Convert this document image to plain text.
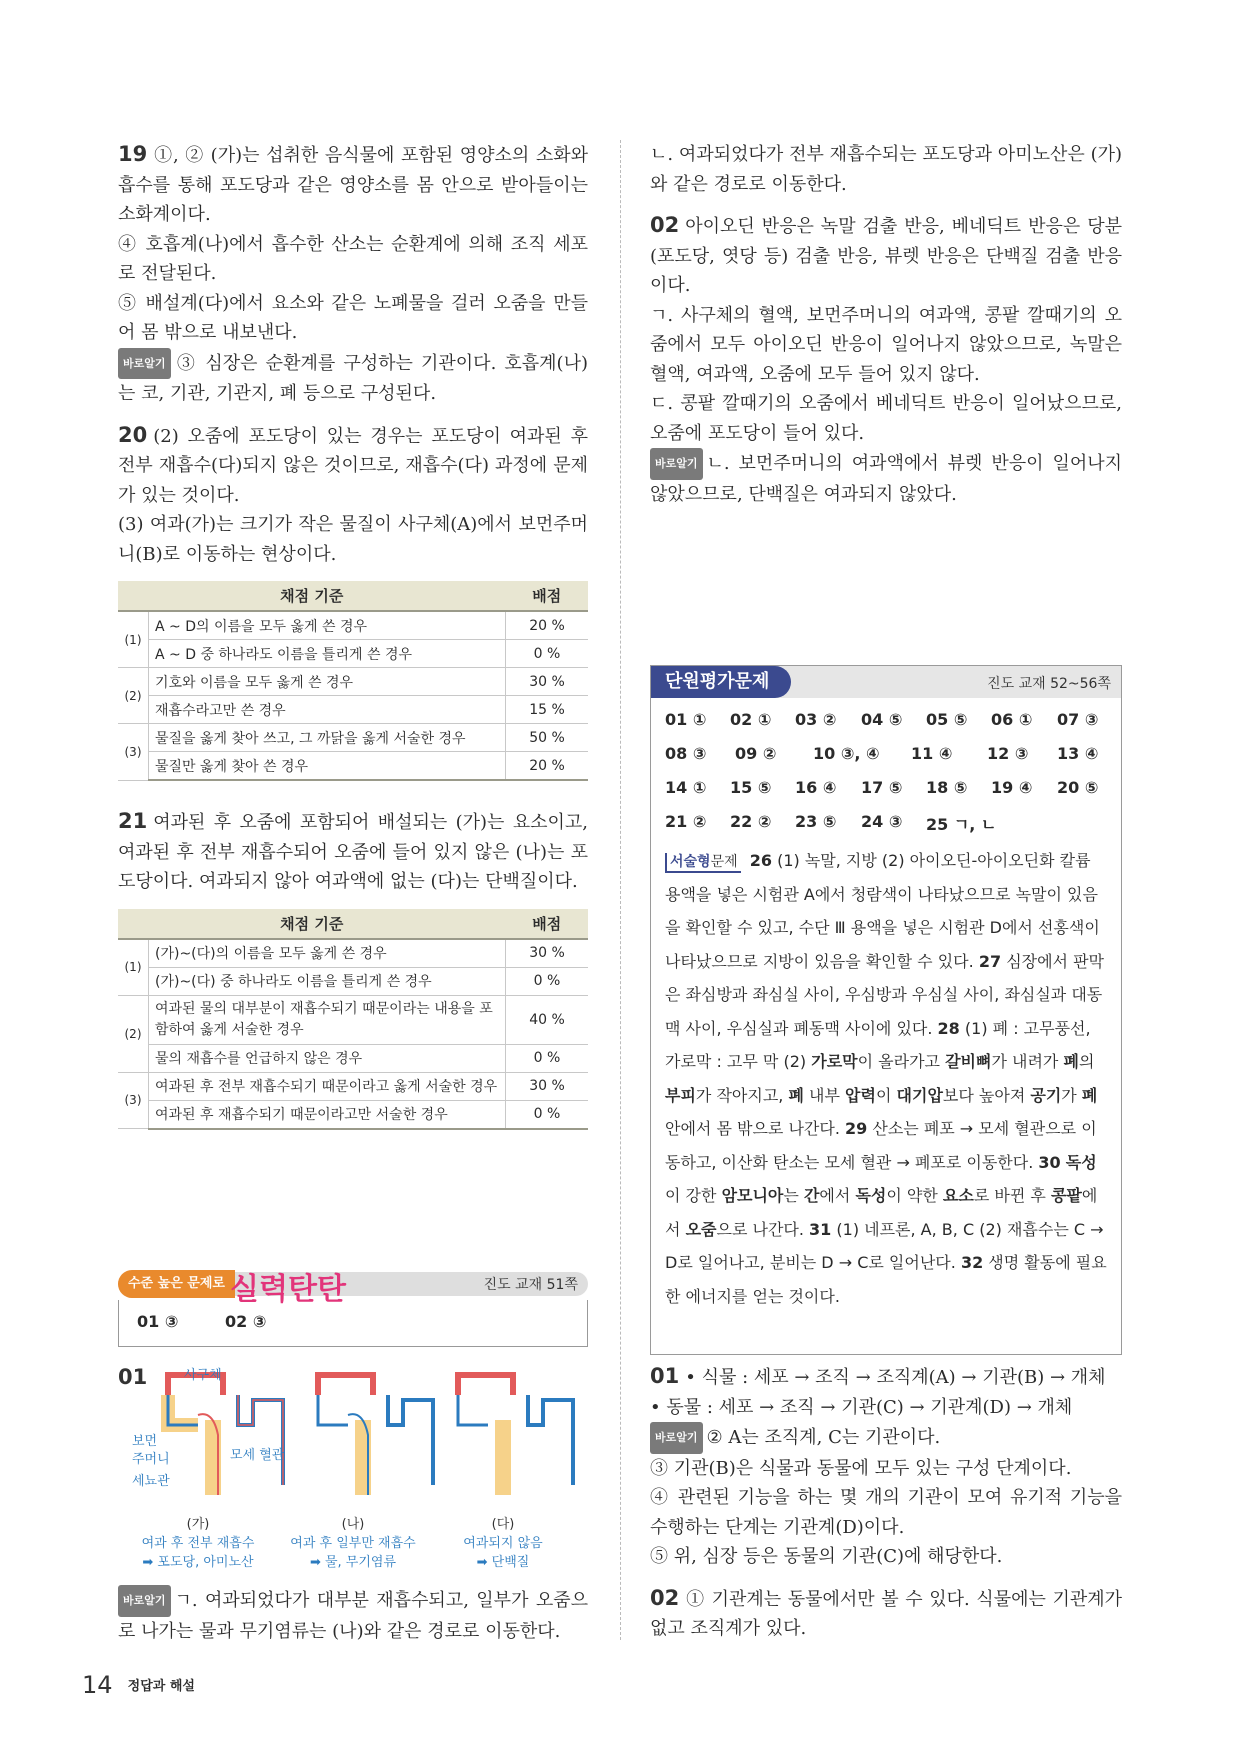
19 ①, ② (가)는 섭취한 음식물에 포함된 영양소의 소화와 흡수를 통해 포도당과 같은 영양소를 몸 안으로 받아들이는 소화계이다.

④ 호흡계(나)에서 흡수한 산소는 순환계에 의해 조직 세포로 전달된다.

⑤ 배설계(다)에서 요소와 같은 노폐물을 걸러 오줌을 만들어 몸 밖으로 내보낸다.

바로알기 ③ 심장은 순환계를 구성하는 기관이다. 호흡계(나)는 코, 기관, 기관지, 폐 등으로 구성된다.

20 (2) 오줌에 포도당이 있는 경우는 포도당이 여과된 후 전부 재흡수(다)되지 않은 것이므로, 재흡수(다) 과정에 문제가 있는 것이다.

(3) 여과(가)는 크기가 작은 물질이 사구체(A)에서 보먼주머니(B)로 이동하는 현상이다.

채점 기준		배점
(1)	A ~ D의 이름을 모두 옳게 쓴 경우	20 %
	A ~ D 중 하나라도 이름을 틀리게 쓴 경우	0 %
(2)	기호와 이름을 모두 옳게 쓴 경우	30 %
	재흡수라고만 쓴 경우	15 %
(3)	물질을 옳게 찾아 쓰고, 그 까닭을 옳게 서술한 경우	50 %
	물질만 옳게 찾아 쓴 경우	20 %

21 여과된 후 오줌에 포함되어 배설되는 (가)는 요소이고, 여과된 후 전부 재흡수되어 오줌에 들어 있지 않은 (나)는 포도당이다. 여과되지 않아 여과액에 없는 (다)는 단백질이다.

채점 기준		배점
(1)	(가)~(다)의 이름을 모두 옳게 쓴 경우	30 %
	(가)~(다) 중 하나라도 이름을 틀리게 쓴 경우	0 %
(2)	여과된 물의 대부분이 재흡수되기 때문이라는 내용을 포함하여 옳게 서술한 경우	40 %
	물의 재흡수를 언급하지 않은 경우	0 %
(3)	여과된 후 전부 재흡수되기 때문이라고 옳게 서술한 경우	30 %
	여과된 후 재흡수되기 때문이라고만 서술한 경우	0 %
수준 높은 문제로 실력탄탄	진도 교재 51쪽
01 ③	02 ③
01	사구체
보먼
주머니
세뇨관
모세 혈관
(가)
여과 후 전부 재흡수
➡ 포도당, 아미노산
(나)
여과 후 일부만 재흡수
➡ 물, 무기염류
(다)
여과되지 않음
➡ 단백질

바로알기 ㄱ. 여과되었다가 대부분 재흡수되고, 일부가 오줌으로 나가는 물과 무기염류는 (나)와 같은 경로로 이동한다.

ㄴ. 여과되었다가 전부 재흡수되는 포도당과 아미노산은 (가)와 같은 경로로 이동한다.

02 아이오딘 반응은 녹말 검출 반응, 베네딕트 반응은 당분(포도당, 엿당 등) 검출 반응, 뷰렛 반응은 단백질 검출 반응이다.

ㄱ. 사구체의 혈액, 보먼주머니의 여과액, 콩팥 깔때기의 오줌에서 모두 아이오딘 반응이 일어나지 않았으므로, 녹말은 혈액, 여과액, 오줌에 모두 들어 있지 않다.

ㄷ. 콩팥 깔때기의 오줌에서 베네딕트 반응이 일어났으므로, 오줌에 포도당이 들어 있다.

바로알기 ㄴ. 보먼주머니의 여과액에서 뷰렛 반응이 일어나지 않았으므로, 단백질은 여과되지 않았다.

단원평가문제	진도 교재 52~56쪽
01 ① 02 ① 03 ② 04 ⑤ 05 ⑤ 06 ① 07 ③
08 ③ 09 ② 10 ③, ④ 11 ④ 12 ③ 13 ④
14 ① 15 ⑤ 16 ④ 17 ⑤ 18 ⑤ 19 ④ 20 ⑤
21 ② 22 ② 23 ⑤ 24 ③ 25 ㄱ, ㄴ
서술형문제 26 (1) 녹말, 지방 (2) 아이오딘-아이오딘화 칼륨 용액을 넣은 시험관 A에서 청람색이 나타났으므로 녹말이 있음을 확인할 수 있고, 수단 Ⅲ 용액을 넣은 시험관 D에서 선홍색이 나타났으므로 지방이 있음을 확인할 수 있다. 27 심장에서 판막은 좌심방과 좌심실 사이, 우심방과 우심실 사이, 좌심실과 대동맥 사이, 우심실과 폐동맥 사이에 있다. 28 (1) 폐 : 고무풍선, 가로막 : 고무 막 (2) 가로막이 올라가고 갈비뼈가 내려가 폐의 부피가 작아지고, 폐 내부 압력이 대기압보다 높아져 공기가 폐 안에서 몸 밖으로 나간다. 29 산소는 폐포 → 모세 혈관으로 이동하고, 이산화 탄소는 모세 혈관 → 폐포로 이동한다. 30 독성이 강한 암모니아는 간에서 독성이 약한 요소로 바뀐 후 콩팥에서 오줌으로 나간다. 31 (1) 네프론, A, B, C (2) 재흡수는 C → D로 일어나고, 분비는 D → C로 일어난다. 32 생명 활동에 필요한 에너지를 얻는 것이다.

01 • 식물 : 세포 → 조직 → 조직계(A) → 기관(B) → 개체

• 동물 : 세포 → 조직 → 기관(C) → 기관계(D) → 개체

바로알기 ② A는 조직계, C는 기관이다.

③ 기관(B)은 식물과 동물에 모두 있는 구성 단계이다.

④ 관련된 기능을 하는 몇 개의 기관이 모여 유기적 기능을 수행하는 단계는 기관계(D)이다.

⑤ 위, 심장 등은 동물의 기관(C)에 해당한다.

02 ① 기관계는 동물에서만 볼 수 있다. 식물에는 기관계가 없고 조직계가 있다.

14 정답과 해설
